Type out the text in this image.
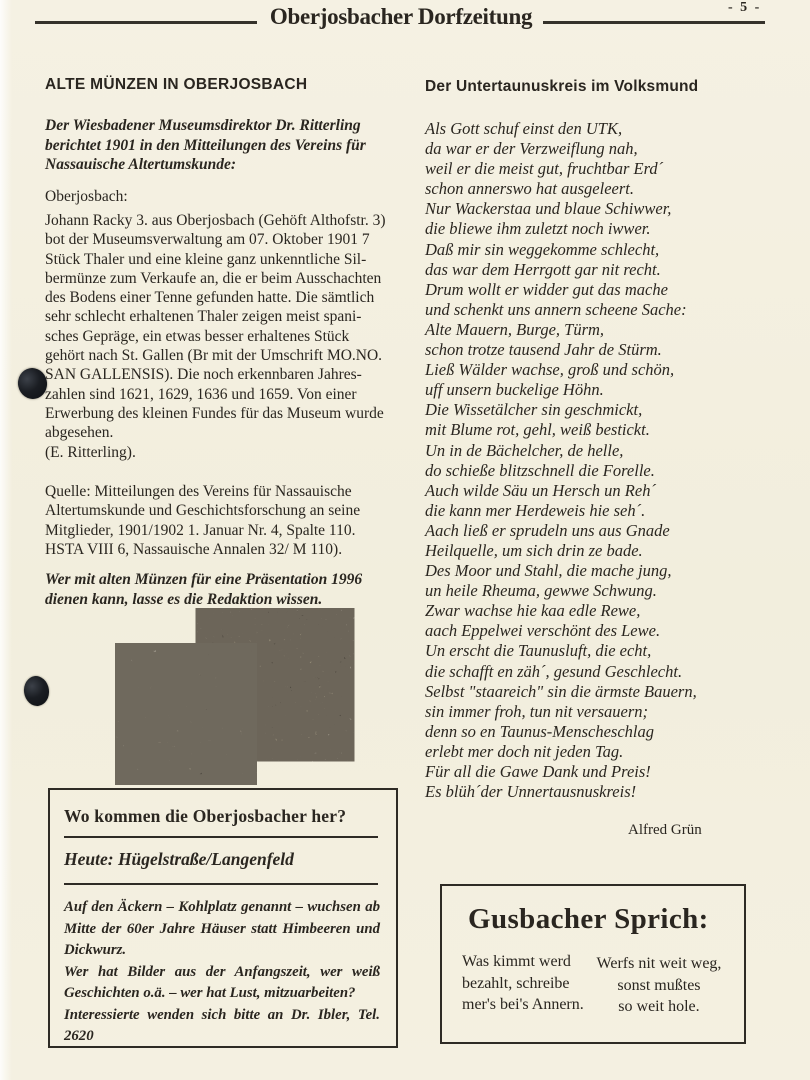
- 5 -
Oberjosbacher Dorfzeitung
ALTE MÜNZEN IN OBERJOSBACH
Der Wiesbadener Museumsdirektor Dr. Ritterling
berichtet 1901 in den Mitteilungen des Vereins für
Nassauische Altertumskunde:
Oberjosbach:
Johann Racky 3. aus Oberjosbach (Gehöft Althofstr. 3)
bot der Museumsverwaltung am 07. Oktober 1901 7
Stück Thaler und eine kleine ganz unkenntliche Sil-
bermünze zum Verkaufe an, die er beim Ausschachten
des Bodens einer Tenne gefunden hatte. Die sämtlich
sehr schlecht erhaltenen Thaler zeigen meist spani-
sches Gepräge, ein etwas besser erhaltenes Stück
gehört nach St. Gallen (Br mit der Umschrift MO.NO.
SAN GALLENSIS). Die noch erkennbaren Jahres-
zahlen sind 1621, 1629, 1636 und 1659. Von einer
Erwerbung des kleinen Fundes für das Museum wurde
abgesehen.
(E. Ritterling).
Quelle: Mitteilungen des Vereins für Nassauische
Altertumskunde und Geschichtsforschung an seine
Mitglieder, 1901/1902 1. Januar Nr. 4, Spalte 110.
HSTA VIII 6, Nassauische Annalen 32/ M 110).
Wer mit alten Münzen für eine Präsentation 1996
dienen kann, lasse es die Redaktion wissen.
Wo kommen die Oberjosbacher her?
Heute: Hügelstraße/Langenfeld
Auf den Äckern – Kohlplatz genannt – wuchsen ab Mitte der 60er Jahre Häuser statt Himbeeren und Dickwurz.
Wer hat Bilder aus der Anfangszeit, wer weiß Geschichten o.ä. – wer hat Lust, mitzuarbeiten?
Interessierte wenden sich bitte an Dr. Ibler, Tel. 2620
Der Untertaunuskreis im Volksmund
Als Gott schuf einst den UTK,
da war er der Verzweiflung nah,
weil er die meist gut, fruchtbar Erd´
schon annerswo hat ausgeleert.
Nur Wackerstaa und blaue Schiwwer,
die bliewe ihm zuletzt noch iwwer.
Daß mir sin weggekomme schlecht,
das war dem Herrgott gar nit recht.
Drum wollt er widder gut das mache
und schenkt uns annern scheene Sache:
Alte Mauern, Burge, Türm,
schon trotze tausend Jahr de Stürm.
Ließ Wälder wachse, groß und schön,
uff unsern buckelige Höhn.
Die Wissetälcher sin geschmickt,
mit Blume rot, gehl, weiß bestickt.
Un in de Bächelcher, de helle,
do schieße blitzschnell die Forelle.
Auch wilde Säu un Hersch un Reh´
die kann mer Herdeweis hie seh´.
Aach ließ er sprudeln uns aus Gnade
Heilquelle, um sich drin ze bade.
Des Moor und Stahl, die mache jung,
un heile Rheuma, gewwe Schwung.
Zwar wachse hie kaa edle Rewe,
aach Eppelwei verschönt des Lewe.
Un erscht die Taunusluft, die echt,
die schafft en zäh´, gesund Geschlecht.
Selbst "staareich" sin die ärmste Bauern,
sin immer froh, tun nit versauern;
denn so en Taunus-Menscheschlag
erlebt mer doch nit jeden Tag.
Für all die Gawe Dank und Preis!
Es blüh´der Unnertausnuskreis!
Alfred Grün
Gusbacher Sprich:
Was kimmt werd
bezahlt, schreibe
mer's bei's Annern.
Werfs nit weit weg,
sonst mußtes
so weit hole.
